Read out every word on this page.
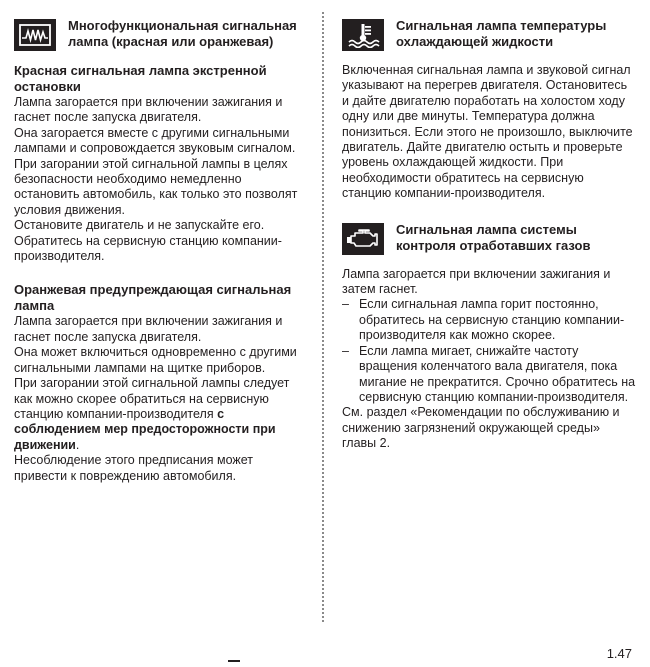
Многофункциональная сигнальная лампа (красная или оранжевая)
Красная сигнальная лампа экстренной остановки

Лампа загорается при включении зажигания и гаснет после запуска двигателя.

Она загорается вместе с другими сигнальными лампами и сопровождается звуковым сигналом.

При загорании этой сигнальной лампы в целях безопасности необходимо немедленно остановить автомобиль, как только это позволят условия движения.

Остановите двигатель и не запускайте его.

Обратитесь на сервисную станцию компании-производителя.

Оранжевая предупреждающая сигнальная лампа

Лампа загорается при включении зажигания и гаснет после запуска двигателя.

Она может включиться одновременно с другими сигнальными лампами на щитке приборов.

При загорании этой сигнальной лампы следует как можно скорее обратиться на сервисную станцию компании-производителя с соблюдением мер предосторожности при движении.

Несоблюдение этого предписания может привести к повреждению автомобиля.

Сигнальная лампа температуры охлаждающей жидкости

Включенная сигнальная лампа и звуковой сигнал указывают на перегрев двигателя. Остановитесь и дайте двигателю поработать на холостом ходу одну или две минуты. Температура должна понизиться. Если этого не произошло, выключите двигатель. Дайте двигателю остыть и проверьте уровень охлаждающей жидкости. При необходимости обратитесь на сервисную станцию компании-производителя.

Сигнальная лампа системы контроля отработавших газов

Лампа загорается при включении зажигания и затем гаснет.

– Если сигнальная лампа горит постоянно, обратитесь на сервисную станцию компании-производителя как можно скорее.
– Если лампа мигает, снижайте частоту вращения коленчатого вала двигателя, пока мигание не прекратится. Срочно обратитесь на сервисную станцию компании-производителя.

См. раздел «Рекомендации по обслуживанию и снижению загрязнений окружающей среды» главы 2.

1.47
